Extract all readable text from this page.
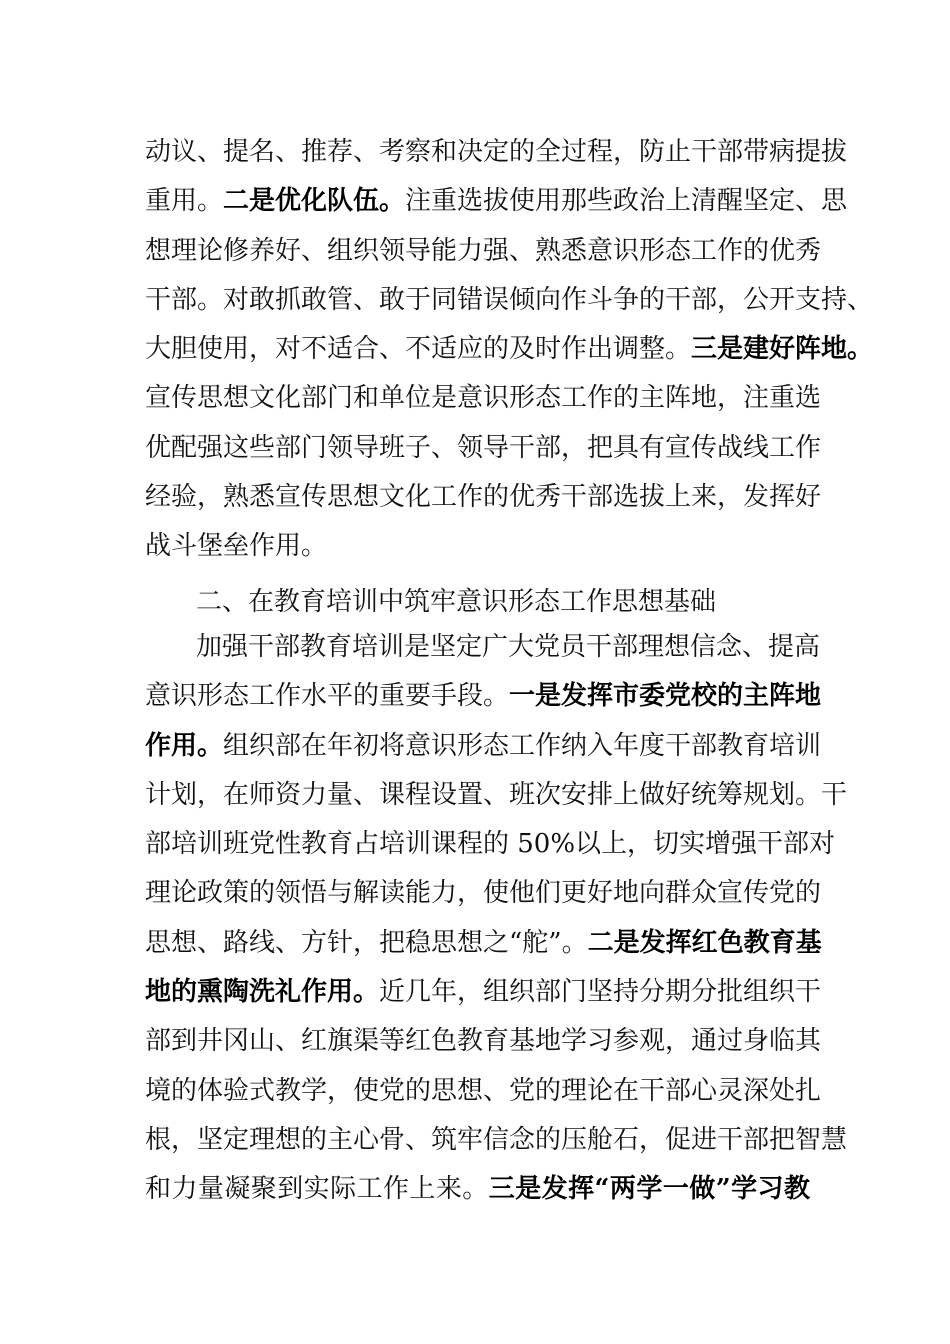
动议、提名、推荐、考察和决定的全过程，防止干部带病提拔
重用。二是优化队伍。注重选拔使用那些政治上清醒坚定、思
想理论修养好、组织领导能力强、熟悉意识形态工作的优秀
干部。对敢抓敢管、敢于同错误倾向作斗争的干部，公开支持、
大胆使用，对不适合、不适应的及时作出调整。三是建好阵地。
宣传思想文化部门和单位是意识形态工作的主阵地，注重选
优配强这些部门领导班子、领导干部，把具有宣传战线工作
经验，熟悉宣传思想文化工作的优秀干部选拔上来，发挥好
战斗堡垒作用。
二、在教育培训中筑牢意识形态工作思想基础
加强干部教育培训是坚定广大党员干部理想信念、提高
意识形态工作水平的重要手段。一是发挥市委党校的主阵地
作用。组织部在年初将意识形态工作纳入年度干部教育培训
计划，在师资力量、课程设置、班次安排上做好统筹规划。干
部培训班党性教育占培训课程的 50%以上，切实增强干部对
理论政策的领悟与解读能力，使他们更好地向群众宣传党的
思想、路线、方针，把稳思想之“舵”。二是发挥红色教育基
地的熏陶洗礼作用。近几年，组织部门坚持分期分批组织干
部到井冈山、红旗渠等红色教育基地学习参观，通过身临其
境的体验式教学，使党的思想、党的理论在干部心灵深处扎
根，坚定理想的主心骨、筑牢信念的压舱石，促进干部把智慧
和力量凝聚到实际工作上来。三是发挥“两学一做”学习教
